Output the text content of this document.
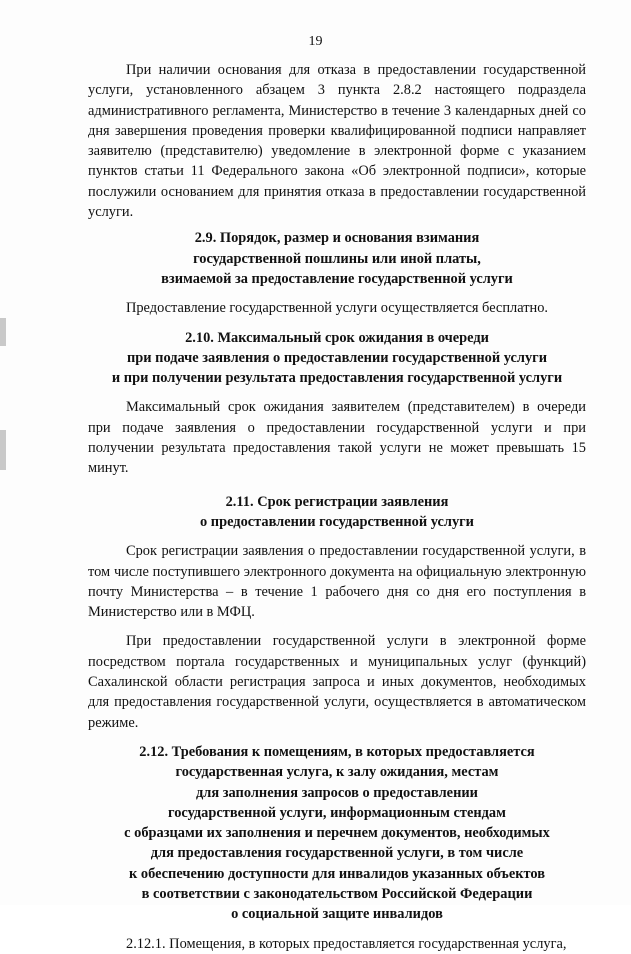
19

При наличии основания для отказа в предоставлении государственной услуги, установленного абзацем 3 пункта 2.8.2 настоящего подраздела административного регламента, Министерство в течение 3 календарных дней со дня завершения проведения проверки квалифицированной подписи направляет заявителю (представителю) уведомление в электронной форме с указанием пунктов статьи 11 Федерального закона «Об электронной подписи», которые послужили основанием для принятия отказа в предоставлении государственной услуги.

2.9. Порядок, размер и основания взимания
государственной пошлины или иной платы,
взимаемой за предоставление государственной услуги

Предоставление государственной услуги осуществляется бесплатно.

2.10. Максимальный срок ожидания в очереди
при подаче заявления о предоставлении государственной услуги
и при получении результата предоставления государственной услуги

Максимальный срок ожидания заявителем (представителем) в очереди при подаче заявления о предоставлении государственной услуги и при получении результата предоставления такой услуги не может превышать 15 минут.

2.11. Срок регистрации заявления
о предоставлении государственной услуги

Срок регистрации заявления о предоставлении государственной услуги, в том числе поступившего электронного документа на официальную электронную почту Министерства – в течение 1 рабочего дня со дня его поступления в Министерство или в МФЦ.

При предоставлении государственной услуги в электронной форме посредством портала государственных и муниципальных услуг (функций) Сахалинской области регистрация запроса и иных документов, необходимых для предоставления государственной услуги, осуществляется в автоматическом режиме.

2.12. Требования к помещениям, в которых предоставляется
государственная услуга, к залу ожидания, местам
для заполнения запросов о предоставлении
государственной услуги, информационным стендам
с образцами их заполнения и перечнем документов, необходимых
для предоставления государственной услуги, в том числе
к обеспечению доступности для инвалидов указанных объектов
в соответствии с законодательством Российской Федерации
о социальной защите инвалидов

2.12.1. Помещения, в которых предоставляется государственная услуга,
